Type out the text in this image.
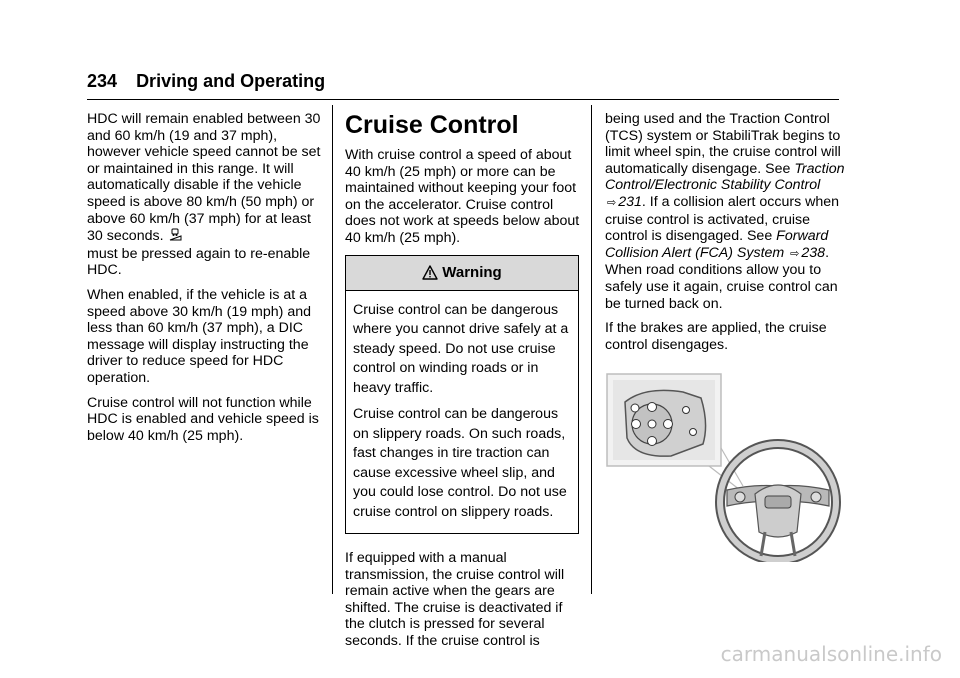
234 Driving and Operating

HDC will remain enabled between 30 and 60 km/h (19 and 37 mph), however vehicle speed cannot be set or maintained in this range. It will automatically disable if the vehicle speed is above 80 km/h (50 mph) or above 60 km/h (37 mph) for at least 30 seconds.
must be pressed again to re-enable HDC.

When enabled, if the vehicle is at a speed above 30 km/h (19 mph) and less than 60 km/h (37 mph), a DIC message will display instructing the driver to reduce speed for HDC operation.

Cruise control will not function while HDC is enabled and vehicle speed is below 40 km/h (25 mph).

Cruise Control

With cruise control a speed of about 40 km/h (25 mph) or more can be maintained without keeping your foot on the accelerator. Cruise control does not work at speeds below about 40 km/h (25 mph).

Warning

Cruise control can be dangerous where you cannot drive safely at a steady speed. Do not use cruise control on winding roads or in heavy traffic.

Cruise control can be dangerous on slippery roads. On such roads, fast changes in tire traction can cause excessive wheel slip, and you could lose control. Do not use cruise control on slippery roads.

If equipped with a manual transmission, the cruise control will remain active when the gears are shifted. The cruise is deactivated if the clutch is pressed for several seconds. If the cruise control is

being used and the Traction Control (TCS) system or StabiliTrak begins to limit wheel spin, the cruise control will automatically disengage. See Traction Control/Electronic Stability Control ⇨ 231. If a collision alert occurs when cruise control is activated, cruise control is disengaged. See Forward Collision Alert (FCA) System ⇨ 238. When road conditions allow you to safely use it again, cruise control can be turned back on.

If the brakes are applied, the cruise control disengages.

carmanualsonline.info
